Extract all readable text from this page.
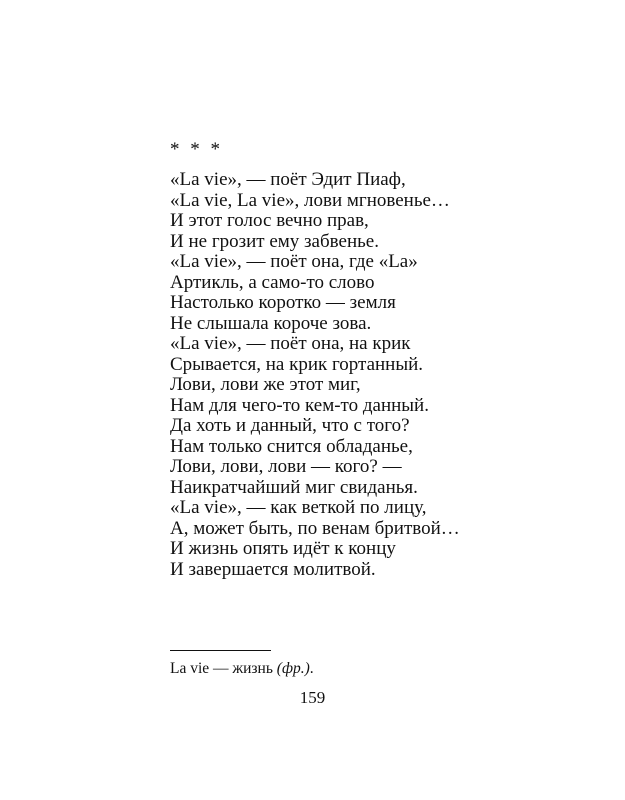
* * *
«La vie», — поёт Эдит Пиаф,
«La vie, La vie», лови мгновенье…
И этот голос вечно прав,
И не грозит ему забвенье.
«La vie», — поёт она, где «La»
Артикль, а само-то слово
Настолько коротко — земля
Не слышала короче зова.
«La vie», — поёт она, на крик
Срывается, на крик гортанный.
Лови, лови же этот миг,
Нам для чего-то кем-то данный.
Да хоть и данный, что с того?
Нам только снится обладанье,
Лови, лови, лови — кого? —
Наикратчайший миг свиданья.
«La vie», — как веткой по лицу,
А, может быть, по венам бритвой…
И жизнь опять идёт к концу
И завершается молитвой.
La vie — жизнь (фр.).
159
